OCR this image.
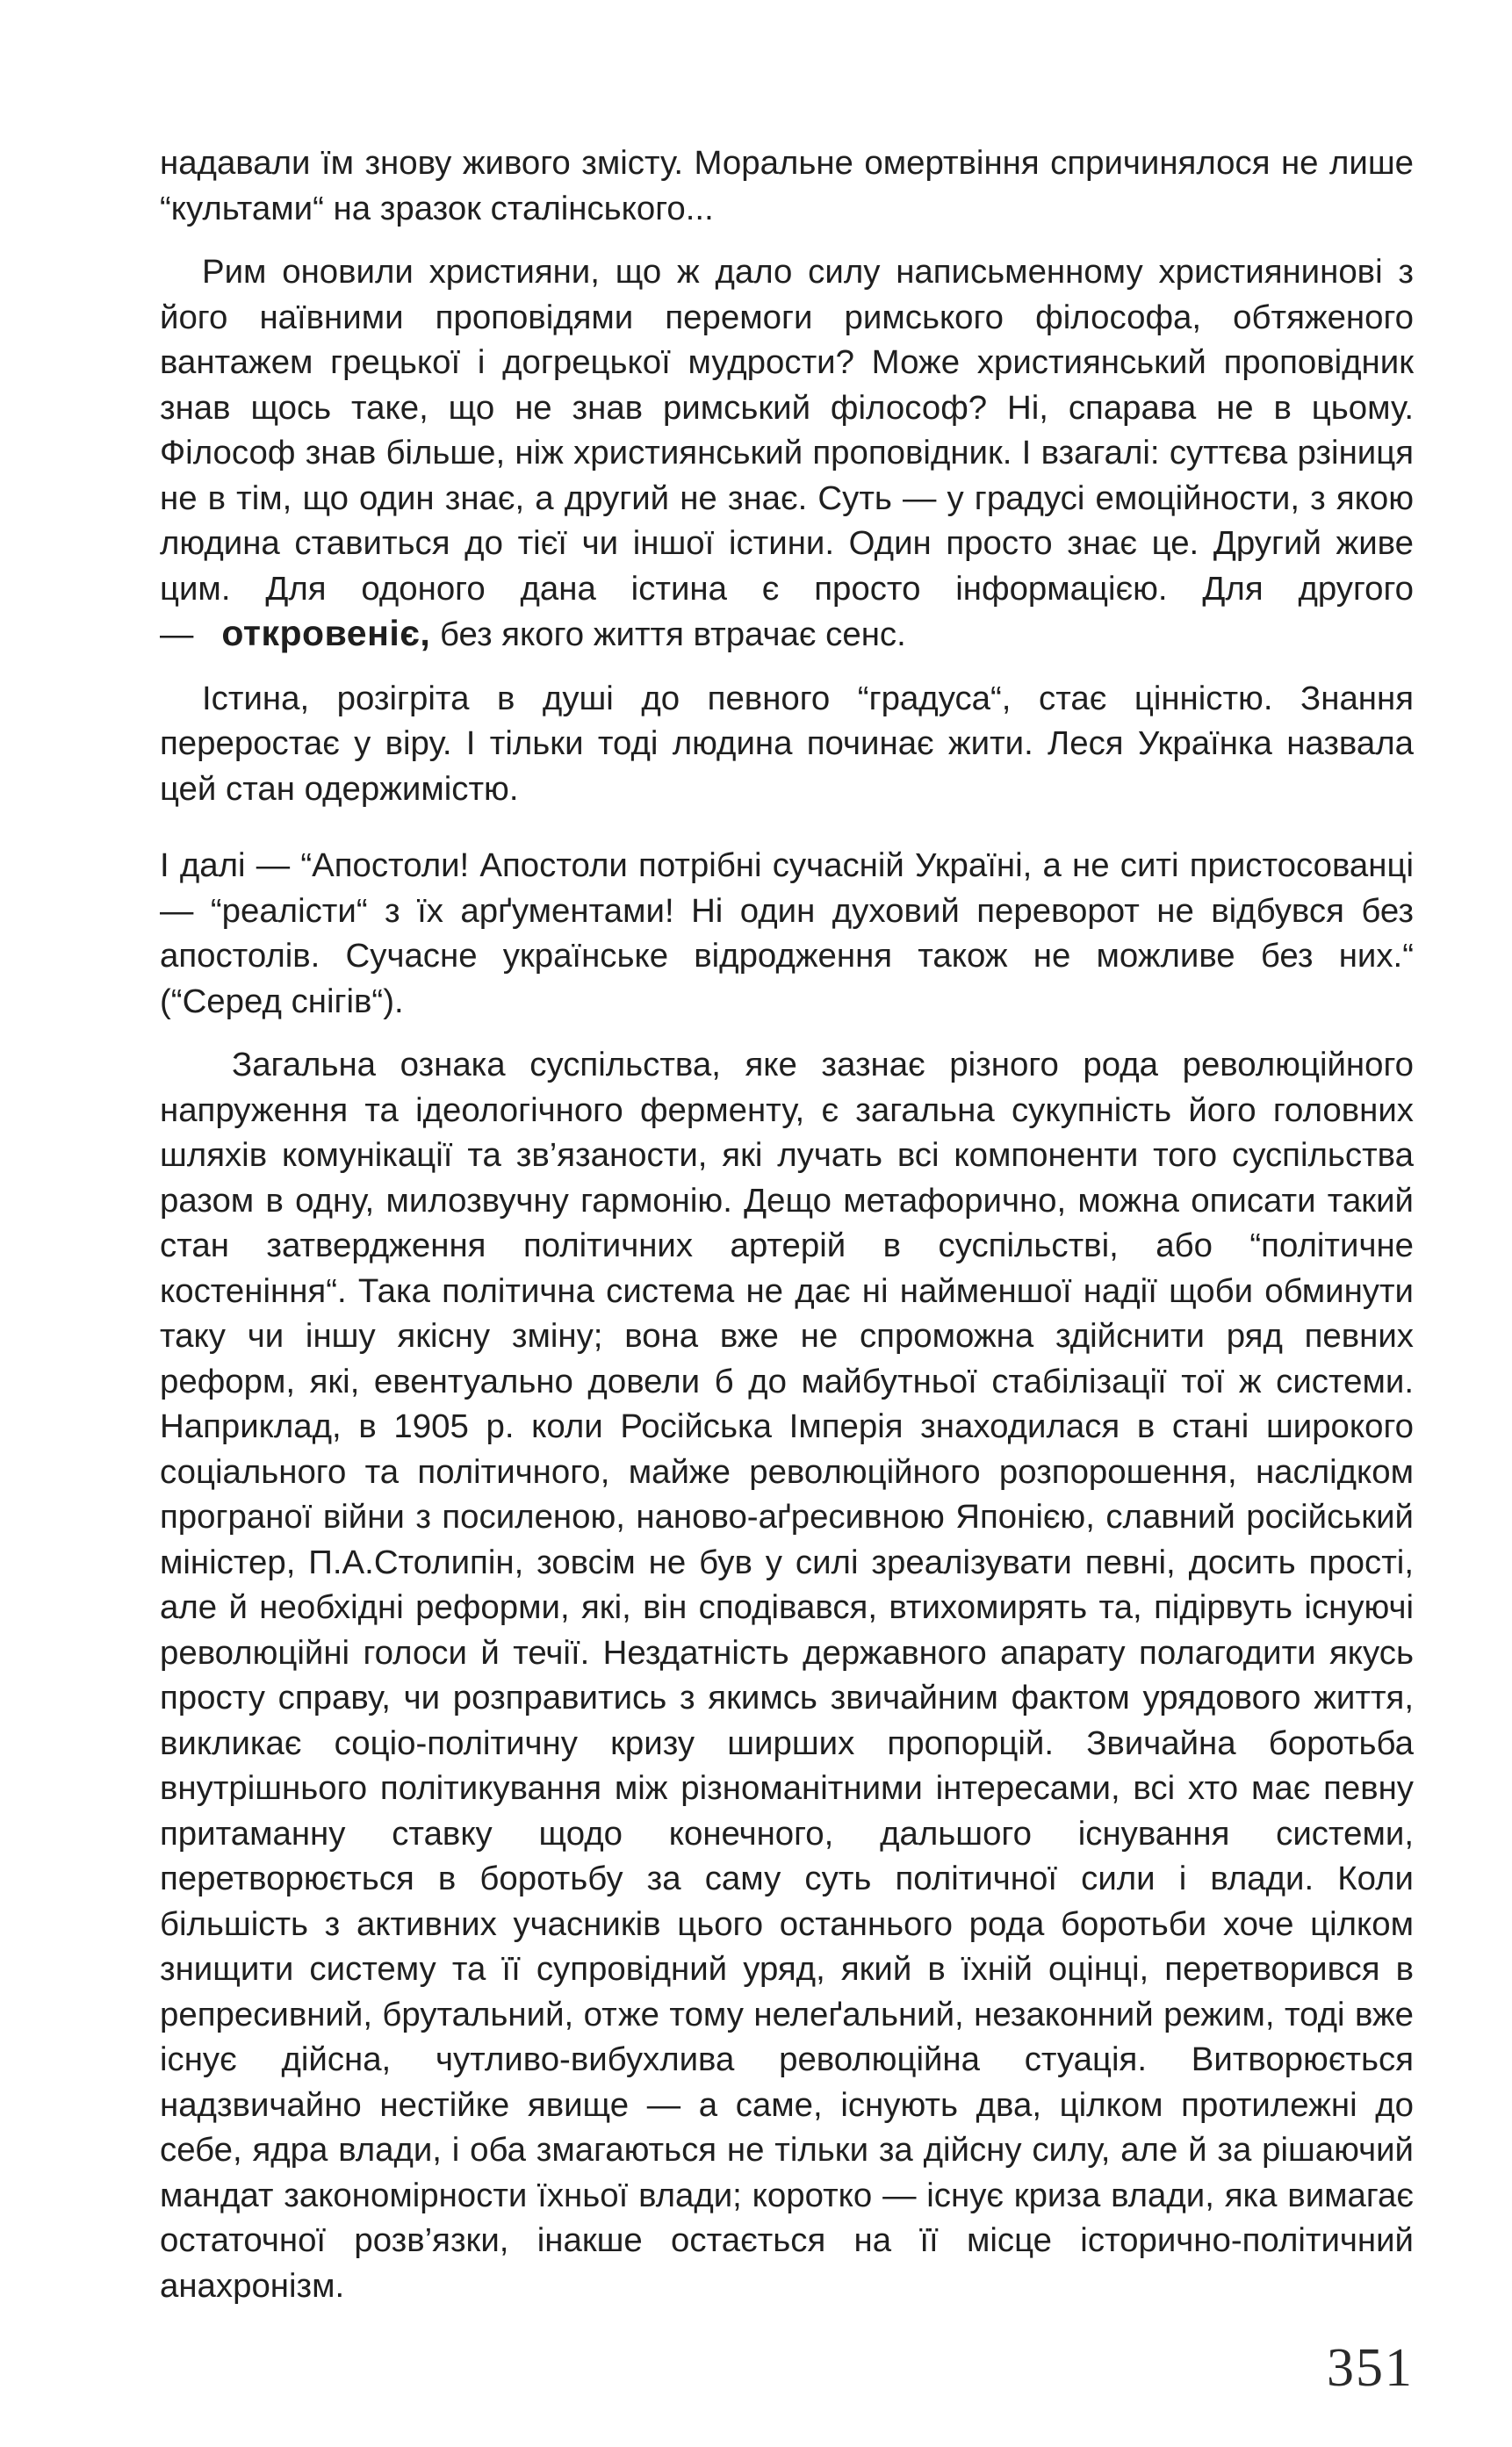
надавали їм знову живого змісту. Моральне омертвіння спричинялося не лише “культами“ на зразок сталінського...

Рим оновили християни, що ж дало силу написьменному християнинові з його наївними проповідями перемоги римського філософа, обтяженого вантажем грецької і догрецької мудрости? Може християнський проповідник знав щось таке, що не знав римський філософ? Ні, спарава не в цьому. Філософ знав більше, ніж християнський проповідник. І взагалі: суттєва рзіниця не в тім, що один знає, а другий не знає. Суть — у градусі емоційности, з якою людина ставиться до тієї чи іншої істини. Один просто знає це. Другий живе цим. Для одоного дана істина є просто інформацією. Для другого — откровеніє, без якого життя втрачає сенс.

Істина, розігріта в душі до певного “градуса“, стає цінністю. Знання переростає у віру. І тільки тоді людина починає жити. Леся Українка назвала цей стан одержимістю.

І далі — “Апостоли! Апостоли потрібні сучасній Україні, а не ситі пристосованці — “реалісти“ з їх арґументами! Ні один духовий переворот не відбувся без апостолів. Сучасне українське відродження також не можливе без них.“ (“Серед снігів“).

Загальна ознака суспільства, яке зазнає різного рода революційного напруження та ідеологічного ферменту, є загальна сукупність його головних шляхів комунікації та зв’язаности, які лучать всі компоненти того суспільства разом в одну, милозвучну гармонію. Дещо метафорично, можна описати такий стан затвердження політичних артерій в суспільстві, або “політичне костеніння“. Така політична система не дає ні найменшої надії щоби обминути таку чи іншу якісну зміну; вона вже не спроможна здійснити ряд певних реформ, які, евентуально довели б до майбутньої стабілізації тої ж системи. Наприклад, в 1905 р. коли Російська Імперія знаходилася в стані широкого соціального та політичного, майже революційного розпорошення, наслідком програної війни з посиленою, наново-аґресивною Японією, славний російський міністер, П.А.Столипін, зовсім не був у силі зреалізувати певні, досить прості, але й необхідні реформи, які, він сподівався, втихомирять та, підірвуть існуючі революційні голоси й течії. Нездатність державного апарату полагодити якусь просту справу, чи розправитись з якимсь звичайним фактом урядового життя, викликає соціо-політичну кризу ширших пропорцій. Звичайна боротьба внутрішнього політикування між різноманітними інтересами, всі хто має певну притаманну ставку щодо конечного, дальшого існування системи, перетворюється в боротьбу за саму суть політичної сили і влади. Коли більшість з активних учасників цього останнього рода боротьби хоче цілком знищити систему та її супровідний уряд, який в їхній оцінці, перетворився в репресивний, брутальний, отже тому нелеґальний, незаконний режим, тоді вже існує дійсна, чутливо-вибухлива революційна стуація. Витворюється надзвичайно нестійке явище — а саме, існують два, цілком протилежні до себе, ядра влади, і оба змагаються не тільки за дійсну силу, але й за рішаючий мандат закономірности їхньої влади; коротко — існує криза влади, яка вимагає остаточної розв’язки, інакше остається на її місце історично-політичний анахронізм.

351
